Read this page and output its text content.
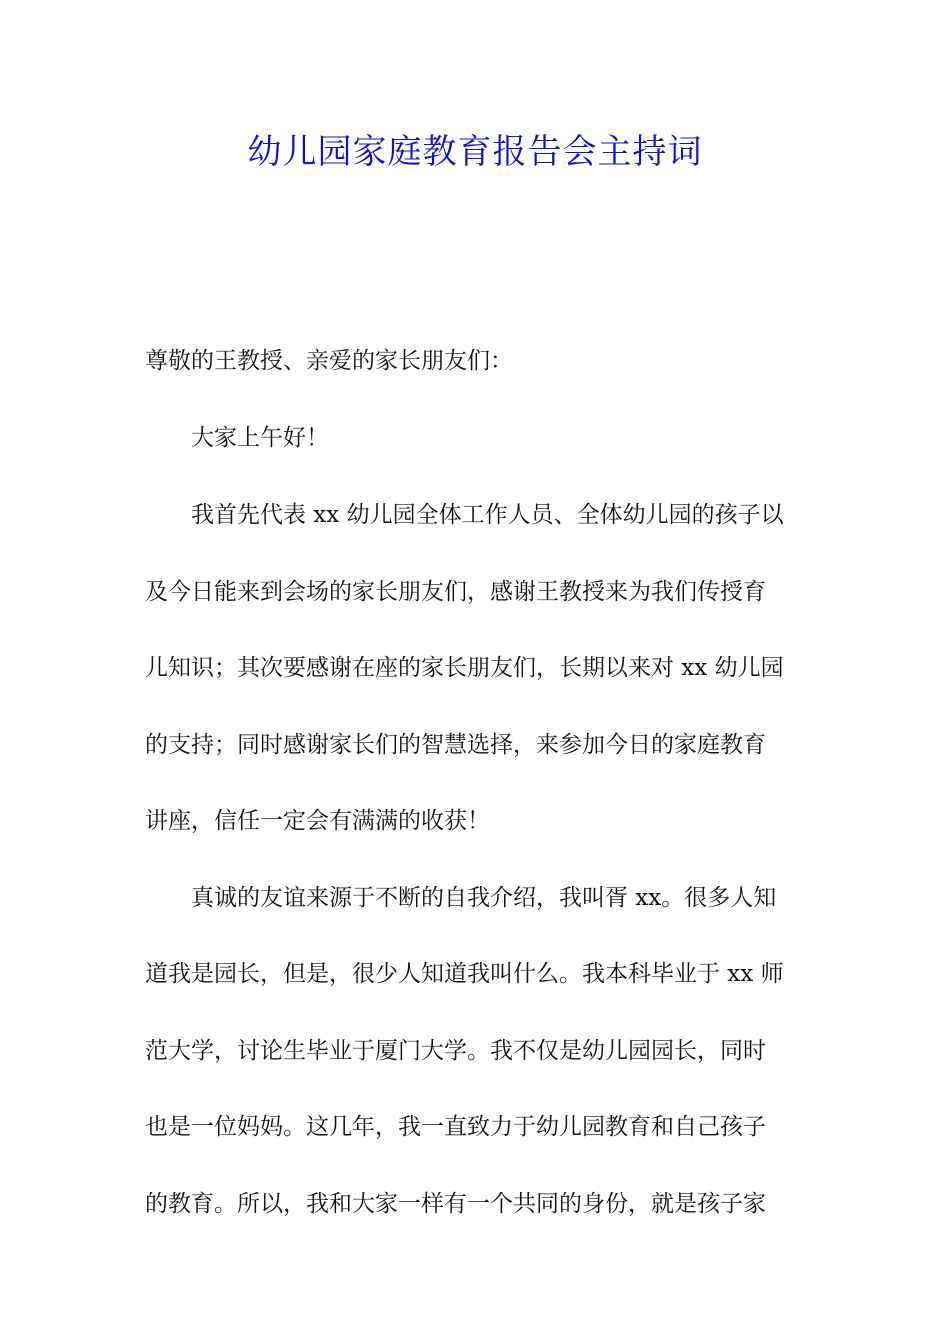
幼儿园家庭教育报告会主持词
尊敬的王教授、亲爱的家长朋友们：
大家上午好！
我首先代表 xx 幼儿园全体工作人员、全体幼儿园的孩子以
及今日能来到会场的家长朋友们，感谢王教授来为我们传授育
儿知识；其次要感谢在座的家长朋友们，长期以来对 xx 幼儿园
的支持；同时感谢家长们的智慧选择，来参加今日的家庭教育
讲座，信任一定会有满满的收获！
真诚的友谊来源于不断的自我介绍，我叫胥 xx。很多人知
道我是园长，但是，很少人知道我叫什么。我本科毕业于 xx 师
范大学，讨论生毕业于厦门大学。我不仅是幼儿园园长，同时
也是一位妈妈。这几年，我一直致力于幼儿园教育和自己孩子
的教育。所以，我和大家一样有一个共同的身份，就是孩子家
